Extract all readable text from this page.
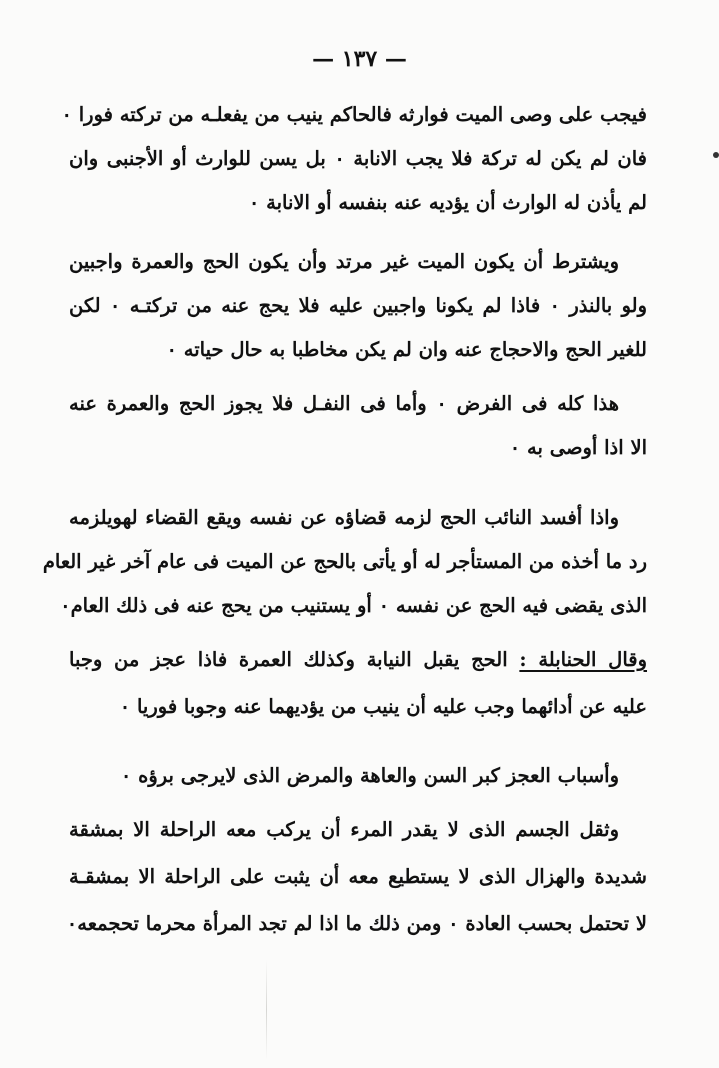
— ١٣٧ —
فيجب على وصى الميت فوارثه فالحاكم ينيب من يفعلـه من تركته فورا ٠
فان لم يكن له تركة فلا يجب الانابة ٠ بل يسن للوارث أو الأجنبى وان
لم يأذن له الوارث أن يؤديه عنه بنفسه أو الانابة ٠
ويشترط أن يكون الميت غير مرتد وأن يكون الحج والعمرة واجبين
ولو بالنذر ٠ فاذا لم يكونا واجبين عليه فلا يحج عنه من تركتـه ٠ لكن
للغير الحج والاحجاج عنه وان لم يكن مخاطبا به حال حياته ٠
هذا كله فى الفرض ٠ وأما فى النفـل فلا يجوز الحج والعمرة عنه
الا اذا أوصى به ٠
واذا أفسد النائب الحج لزمه قضاؤه عن نفسه ويقع القضاء لهويلزمه
رد ما أخذه من المستأجر له أو يأتى بالحج عن الميت فى عام آخر غير العام
الذى يقضى فيه الحج عن نفسه ٠ أو يستنيب من يحج عنه فى ذلك العام٠
وقال الحنابلة : الحج يقبل النيابة وكذلك العمرة فاذا عجز من وجبا
عليه عن أدائهما وجب عليه أن ينيب من يؤديهما عنه وجوبا فوريا ٠
وأسباب العجز كبر السن والعاهة والمرض الذى لايرجى برؤه ٠
وثقل الجسم الذى لا يقدر المرء أن يركب معه الراحلة الا بمشقة
شديدة والهزال الذى لا يستطيع معه أن يثبت على الراحلة الا بمشقـة
لا تحتمل بحسب العادة ٠ ومن ذلك ما اذا لم تجد المرأة محرما تحجمعه٠
